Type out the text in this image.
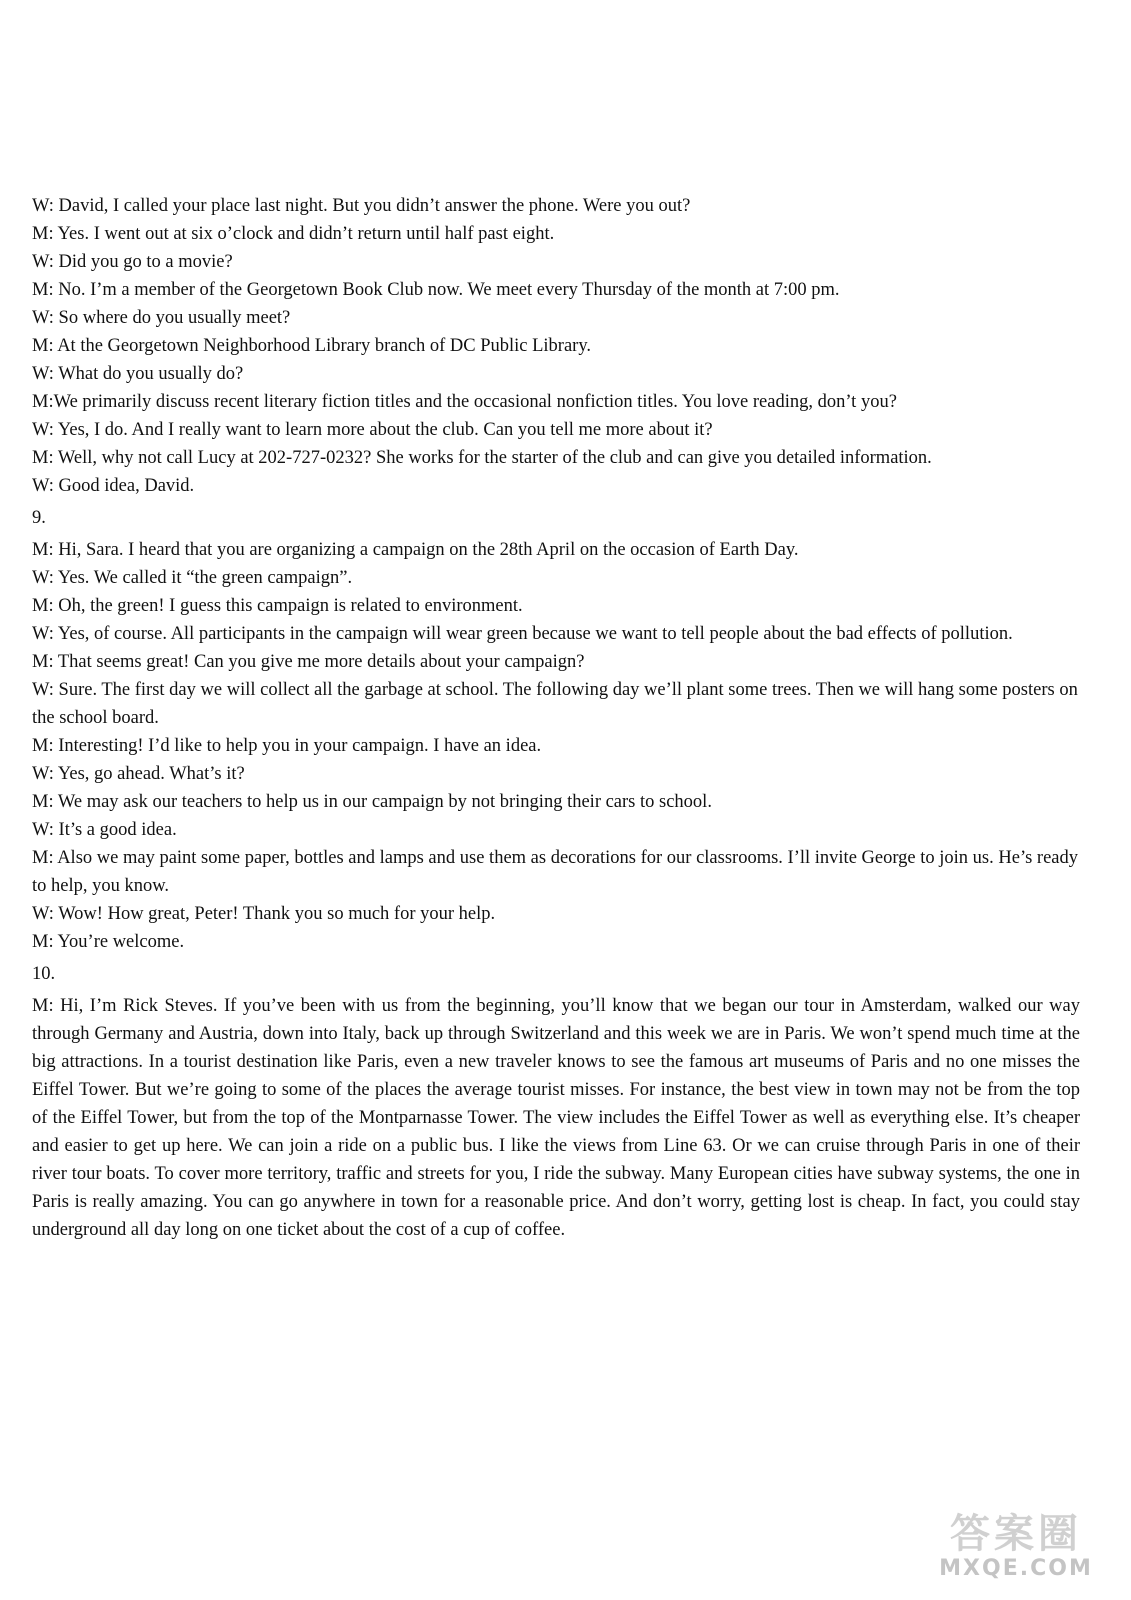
W: David, I called your place last night. But you didn’t answer the phone. Were you out?

M: Yes. I went out at six o’clock and didn’t return until half past eight.

W: Did you go to a movie?

M: No. I’m a member of the Georgetown Book Club now. We meet every Thursday of the month at 7:00 pm.

W: So where do you usually meet?

M: At the Georgetown Neighborhood Library branch of DC Public Library.

W: What do you usually do?

M:We primarily discuss recent literary fiction titles and the occasional nonfiction titles. You love reading, don’t you?

W: Yes, I do. And I really want to learn more about the club. Can you tell me more about it?

M: Well, why not call Lucy at 202-727-0232? She works for the starter of the club and can give you detailed information.

W: Good idea, David.

9.

M: Hi, Sara. I heard that you are organizing a campaign on the 28th April on the occasion of Earth Day.

W: Yes. We called it “the green campaign”.

M: Oh, the green! I guess this campaign is related to environment.

W: Yes, of course. All participants in the campaign will wear green because we want to tell people about the bad effects of pollution.

M: That seems great! Can you give me more details about your campaign?

W: Sure. The first day we will collect all the garbage at school. The following day we’ll plant some trees. Then we will hang some posters on the school board.

M: Interesting! I’d like to help you in your campaign. I have an idea.

W: Yes, go ahead. What’s it?

M: We may ask our teachers to help us in our campaign by not bringing their cars to school.

W: It’s a good idea.

M: Also we may paint some paper, bottles and lamps and use them as decorations for our classrooms. I’ll invite George to join us. He’s ready to help, you know.

W: Wow! How great, Peter! Thank you so much for your help.

M: You’re welcome.

10.

M: Hi, I’m Rick Steves. If you’ve been with us from the beginning, you’ll know that we began our tour in Amsterdam, walked our way through Germany and Austria, down into Italy, back up through Switzerland and this week we are in Paris. We won’t spend much time at the big attractions. In a tourist destination like Paris, even a new traveler knows to see the famous art museums of Paris and no one misses the Eiffel Tower. But we’re going to some of the places the average tourist misses. For instance, the best view in town may not be from the top of the Eiffel Tower, but from the top of the Montparnasse Tower. The view includes the Eiffel Tower as well as everything else. It’s cheaper and easier to get up here. We can join a ride on a public bus. I like the views from Line 63. Or we can cruise through Paris in one of their river tour boats. To cover more territory, traffic and streets for you, I ride the subway. Many European cities have subway systems, the one in Paris is really amazing. You can go anywhere in town for a reasonable price. And don’t worry, getting lost is cheap. In fact, you could stay underground all day long on one ticket about the cost of a cup of coffee.

答案圈
MXQE.COM
